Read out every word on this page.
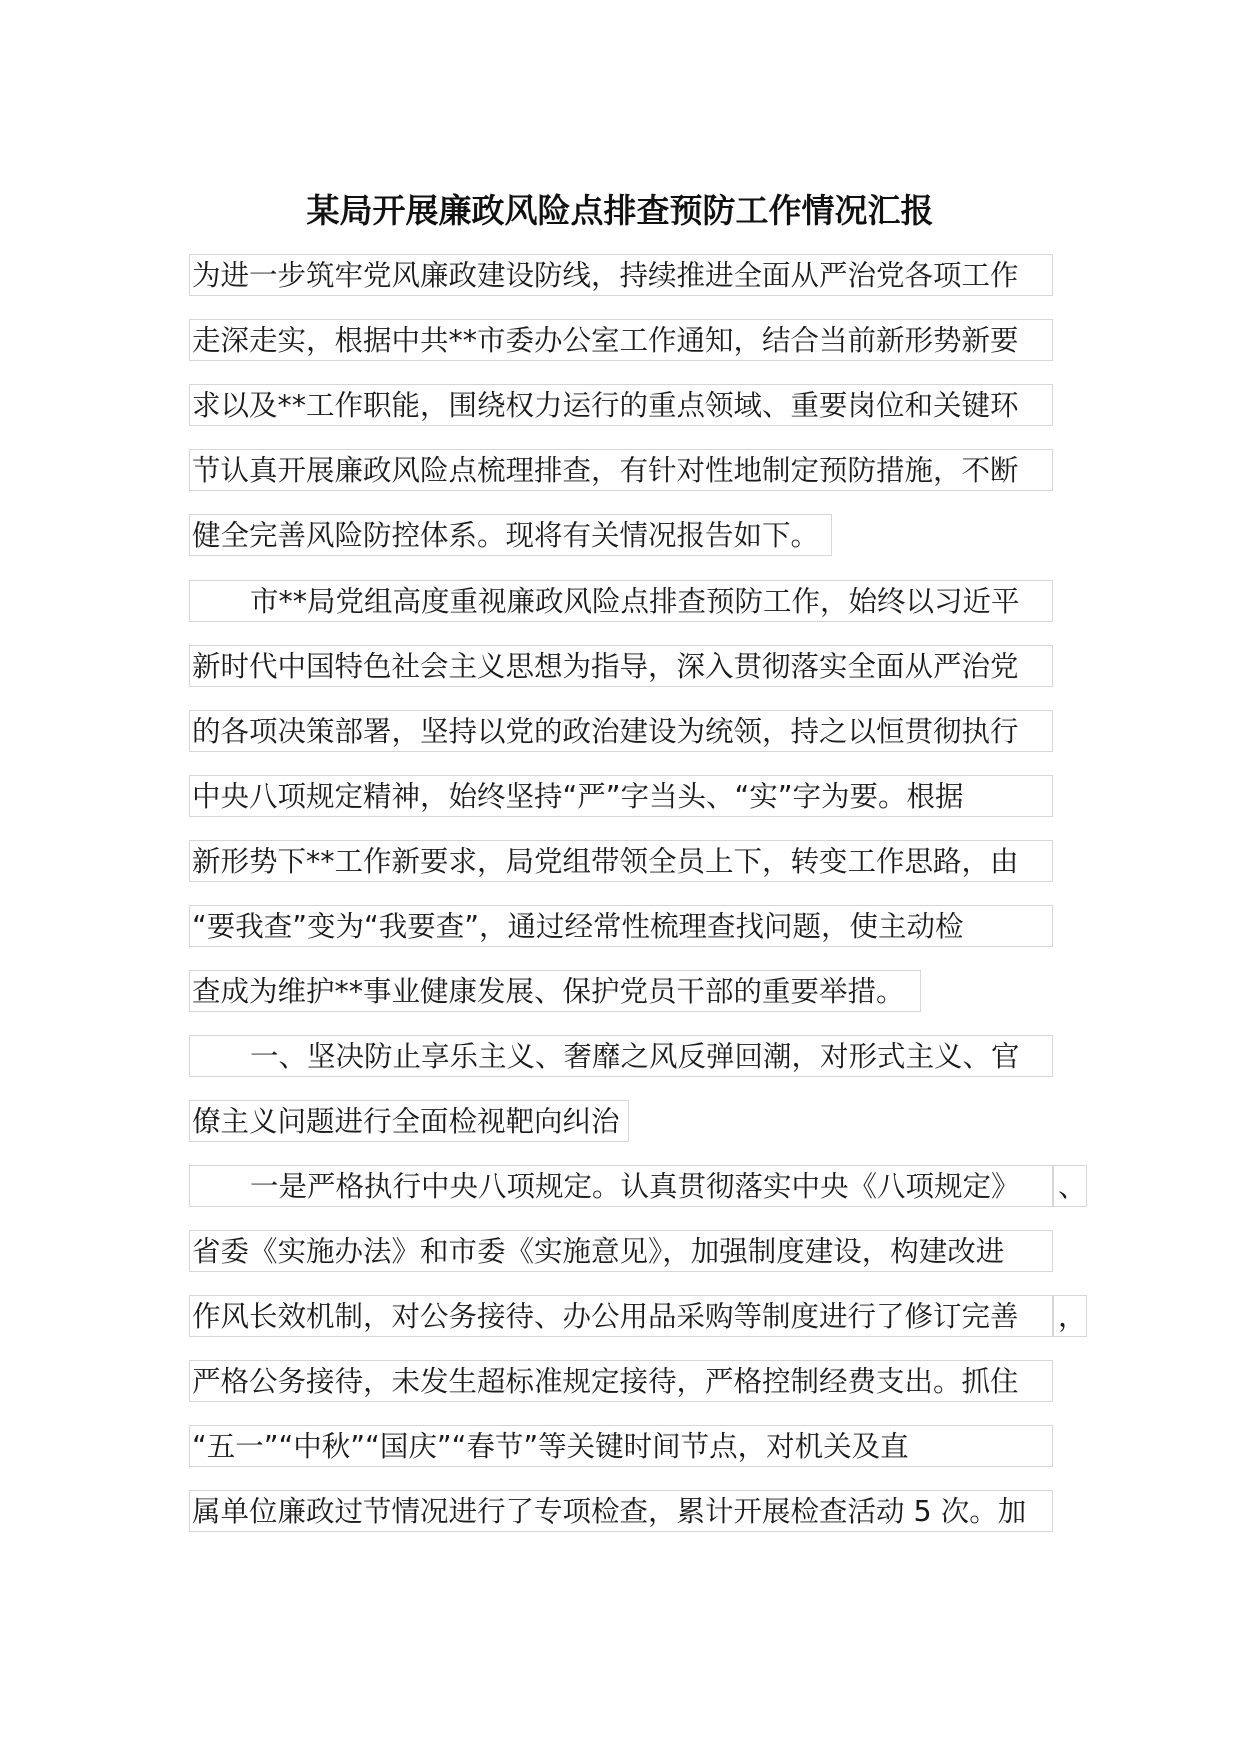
某局开展廉政风险点排查预防工作情况汇报
为进一步筑牢党风廉政建设防线，持续推进全面从严治党各项工作
走深走实，根据中共**市委办公室工作通知，结合当前新形势新要
求以及**工作职能，围绕权力运行的重点领域、重要岗位和关键环
节认真开展廉政风险点梳理排查，有针对性地制定预防措施，不断
健全完善风险防控体系。现将有关情况报告如下。
市**局党组高度重视廉政风险点排查预防工作，始终以习近平
新时代中国特色社会主义思想为指导，深入贯彻落实全面从严治党
的各项决策部署，坚持以党的政治建设为统领，持之以恒贯彻执行
中央八项规定精神，始终坚持“严”字当头、“实”字为要。根据
新形势下**工作新要求，局党组带领全员上下，转变工作思路，由
“要我查”变为“我要查”，通过经常性梳理查找问题，使主动检
查成为维护**事业健康发展、保护党员干部的重要举措。
一、坚决防止享乐主义、奢靡之风反弹回潮，对形式主义、官
僚主义问题进行全面检视靶向纠治
一是严格执行中央八项规定。认真贯彻落实中央《八项规定》	、
省委《实施办法》和市委《实施意见》，加强制度建设，构建改进
作风长效机制，对公务接待、办公用品采购等制度进行了修订完善	，
严格公务接待，未发生超标准规定接待，严格控制经费支出。抓住
“五一”“中秋”“国庆”“春节”等关键时间节点，对机关及直
属单位廉政过节情况进行了专项检查，累计开展检查活动 5 次。加
